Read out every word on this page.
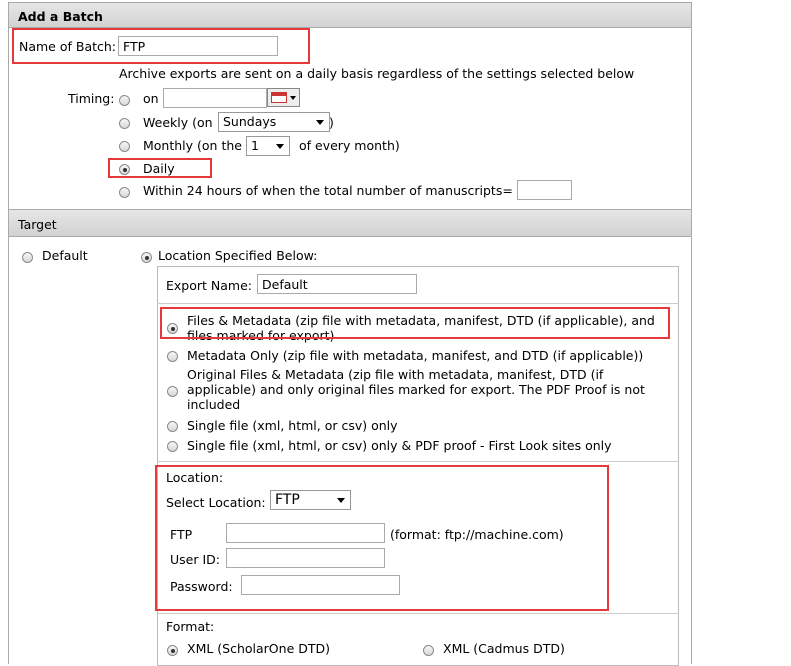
Add a Batch
Name of Batch: FTP
Archive exports are sent on a daily basis regardless of the settings selected below
Timing: on
Weekly (on Sundays	)
Monthly (on the 1	of every month)
Daily
Within 24 hours of when the total number of manuscripts=
Target
Default	Location Specified Below:
Export Name: Default
Files & Metadata (zip file with metadata, manifest, DTD (if applicable), and files marked for export)
Metadata Only (zip file with metadata, manifest, and DTD (if applicable))
Original Files & Metadata (zip file with metadata, manifest, DTD (if applicable) and only original files marked for export. The PDF Proof is not included
Single file (xml, html, or csv) only
Single file (xml, html, or csv) only & PDF proof - First Look sites only
Location:
Select Location: FTP
FTP	(format: ftp://machine.com)
User ID:
Password:
Format:
XML (ScholarOne DTD)	XML (Cadmus DTD)
